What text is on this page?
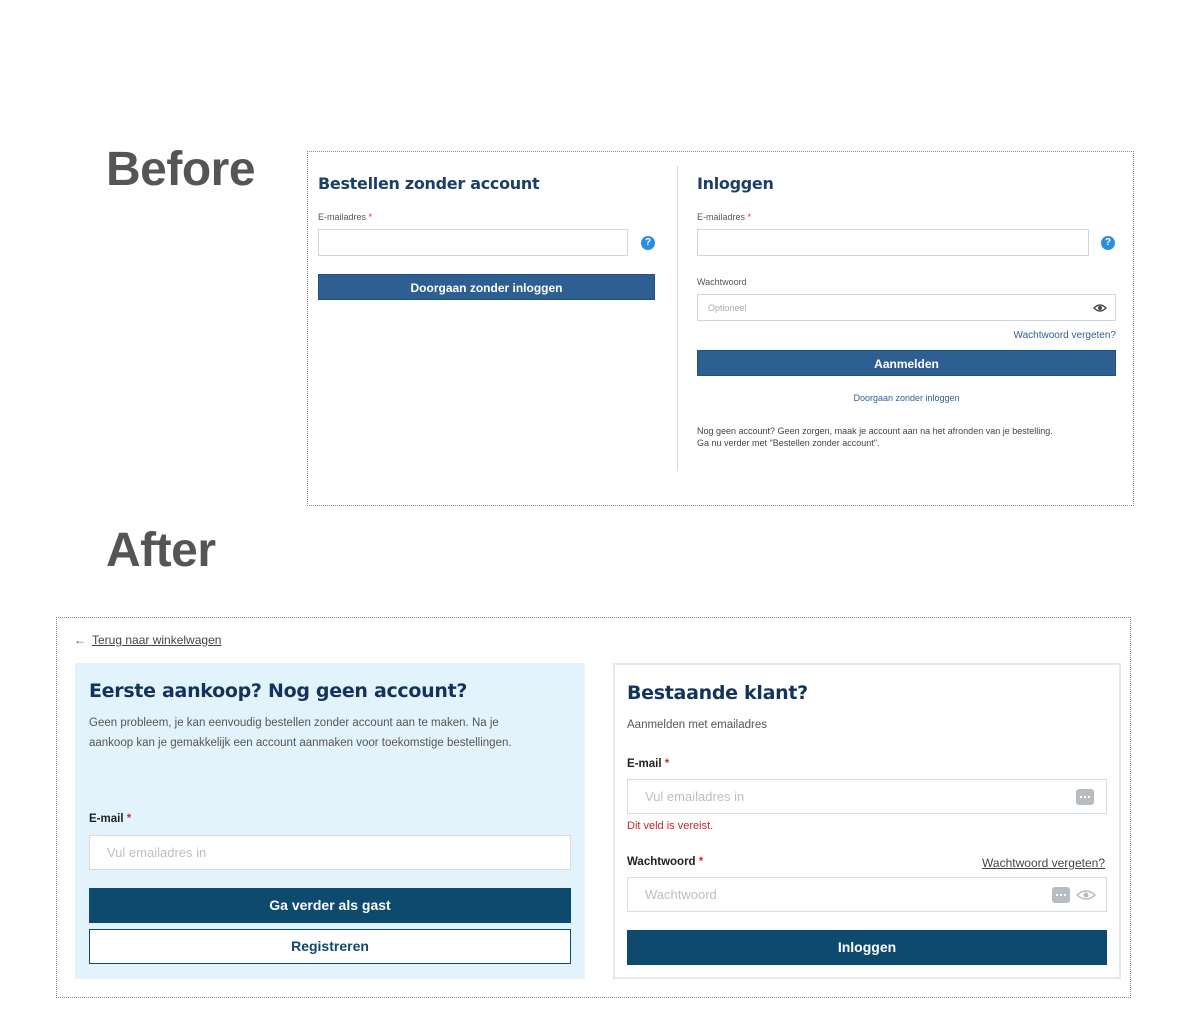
Before
After
Bestellen zonder account
E-mailadres *
?
Doorgaan zonder inloggen
Inloggen
E-mailadres *
?
Wachtwoord
Optioneel
Wachtwoord vergeten?
Aanmelden
Doorgaan zonder inloggen
Nog geen account? Geen zorgen, maak je account aan na het afronden van je bestelling.
Ga nu verder met "Bestellen zonder account".
← Terug naar winkelwagen
Eerste aankoop? Nog geen account?
Geen probleem, je kan eenvoudig bestellen zonder account aan te maken. Na je
aankoop kan je gemakkelijk een account aanmaken voor toekomstige bestellingen.
E-mail *
Vul emailadres in
Ga verder als gast
Registreren
Bestaande klant?
Aanmelden met emailadres
E-mail *
Vul emailadres in
Dit veld is vereist.
Wachtwoord *	Wachtwoord vergeten?
Wachtwoord
Inloggen
